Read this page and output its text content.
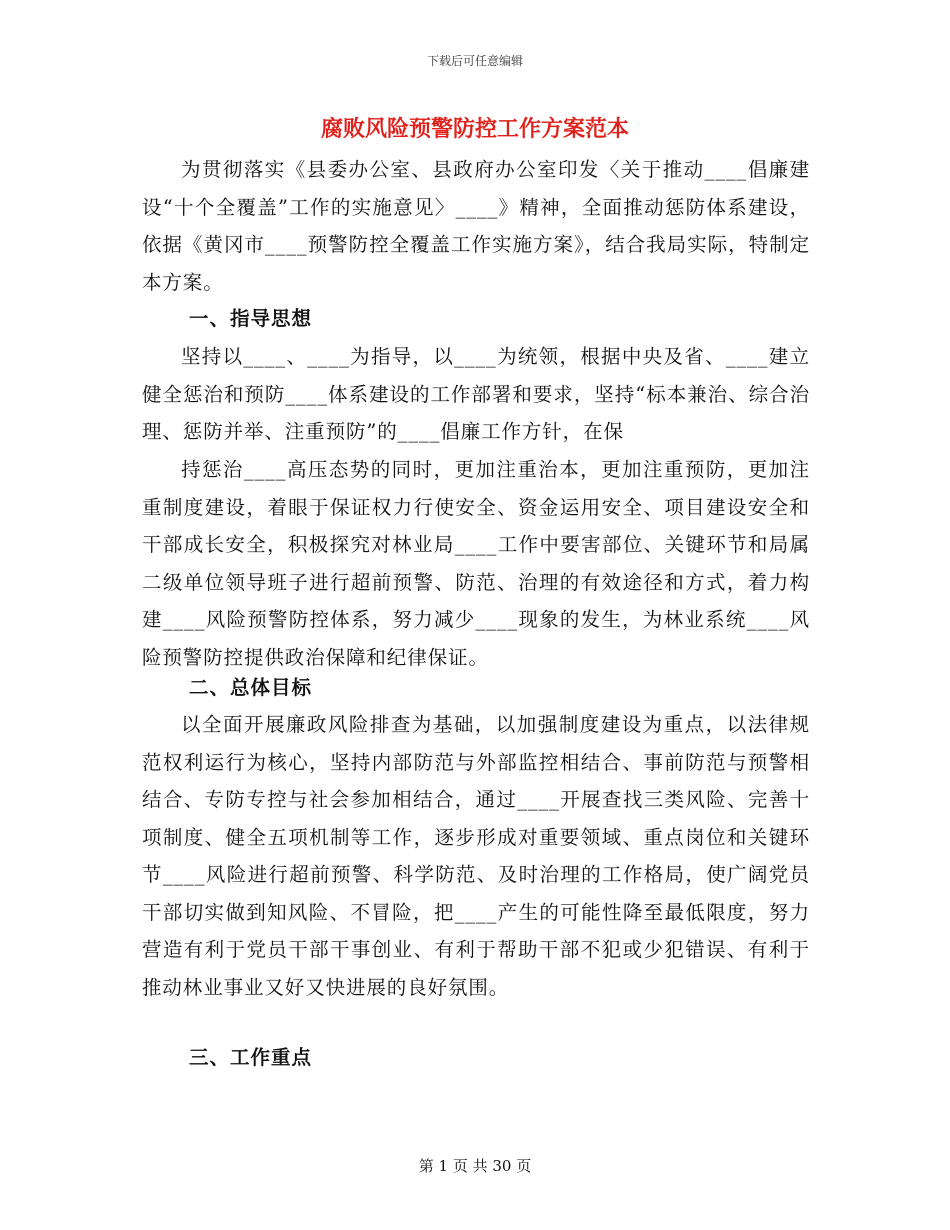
下载后可任意编辑
腐败风险预警防控工作方案范本
为贯彻落实《县委办公室、县政府办公室印发〈关于推动____倡廉建设“十个全覆盖”工作的实施意见〉____》精神，全面推动惩防体系建设，依据《黄冈市____预警防控全覆盖工作实施方案》，结合我局实际，特制定本方案。
一、指导思想
坚持以____、____为指导，以____为统领，根据中央及省、____建立健全惩治和预防____体系建设的工作部署和要求，坚持“标本兼治、综合治理、惩防并举、注重预防”的____倡廉工作方针，在保
持惩治____高压态势的同时，更加注重治本，更加注重预防，更加注重制度建设，着眼于保证权力行使安全、资金运用安全、项目建设安全和干部成长安全，积极探究对林业局____工作中要害部位、关键环节和局属二级单位领导班子进行超前预警、防范、治理的有效途径和方式，着力构建____风险预警防控体系，努力减少____现象的发生，为林业系统____风险预警防控提供政治保障和纪律保证。
二、总体目标
以全面开展廉政风险排查为基础，以加强制度建设为重点，以法律规范权利运行为核心，坚持内部防范与外部监控相结合、事前防范与预警相结合、专防专控与社会参加相结合，通过____开展查找三类风险、完善十项制度、健全五项机制等工作，逐步形成对重要领域、重点岗位和关键环节____风险进行超前预警、科学防范、及时治理的工作格局，使广阔党员干部切实做到知风险、不冒险，把____产生的可能性降至最低限度，努力营造有利于党员干部干事创业、有利于帮助干部不犯或少犯错误、有利于推动林业事业又好又快进展的良好氛围。
三、工作重点
第 1 页 共 30 页
